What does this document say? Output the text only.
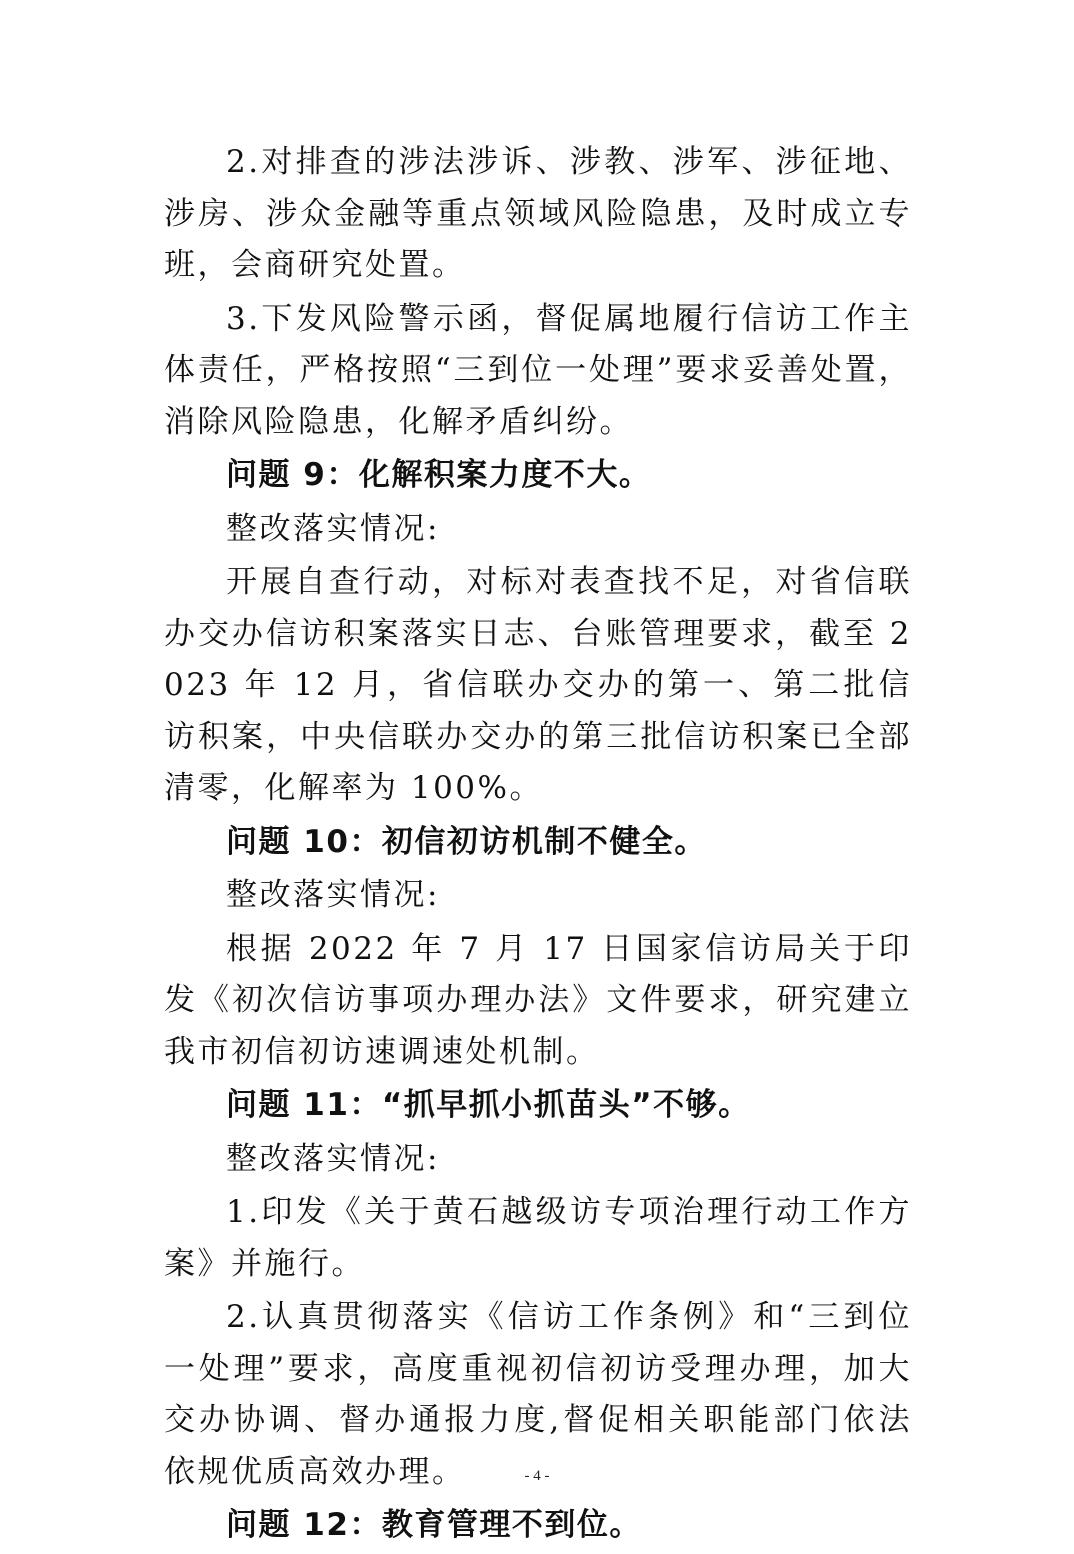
2.对排查的涉法涉诉、涉教、涉军、涉征地、涉房、涉众金融等重点领域风险隐患，及时成立专班，会商研究处置。

3.下发风险警示函，督促属地履行信访工作主体责任，严格按照“三到位一处理”要求妥善处置，消除风险隐患，化解矛盾纠纷。

问题 9：化解积案力度不大。

整改落实情况:

开展自查行动，对标对表查找不足，对省信联办交办信访积案落实日志、台账管理要求，截至 2023 年 12 月，省信联办交办的第一、第二批信访积案，中央信联办交办的第三批信访积案已全部清零，化解率为 100%。

问题 10：初信初访机制不健全。

整改落实情况:

根据 2022 年 7 月 17 日国家信访局关于印发《初次信访事项办理办法》文件要求，研究建立我市初信初访速调速处机制。

问题 11：“抓早抓小抓苗头”不够。

整改落实情况:

1.印发《关于黄石越级访专项治理行动工作方案》并施行。

2.认真贯彻落实《信访工作条例》和“三到位一处理”要求，高度重视初信初访受理办理，加大交办协调、督办通报力度,督促相关职能部门依法依规优质高效办理。

问题 12：教育管理不到位。

- 4 -
